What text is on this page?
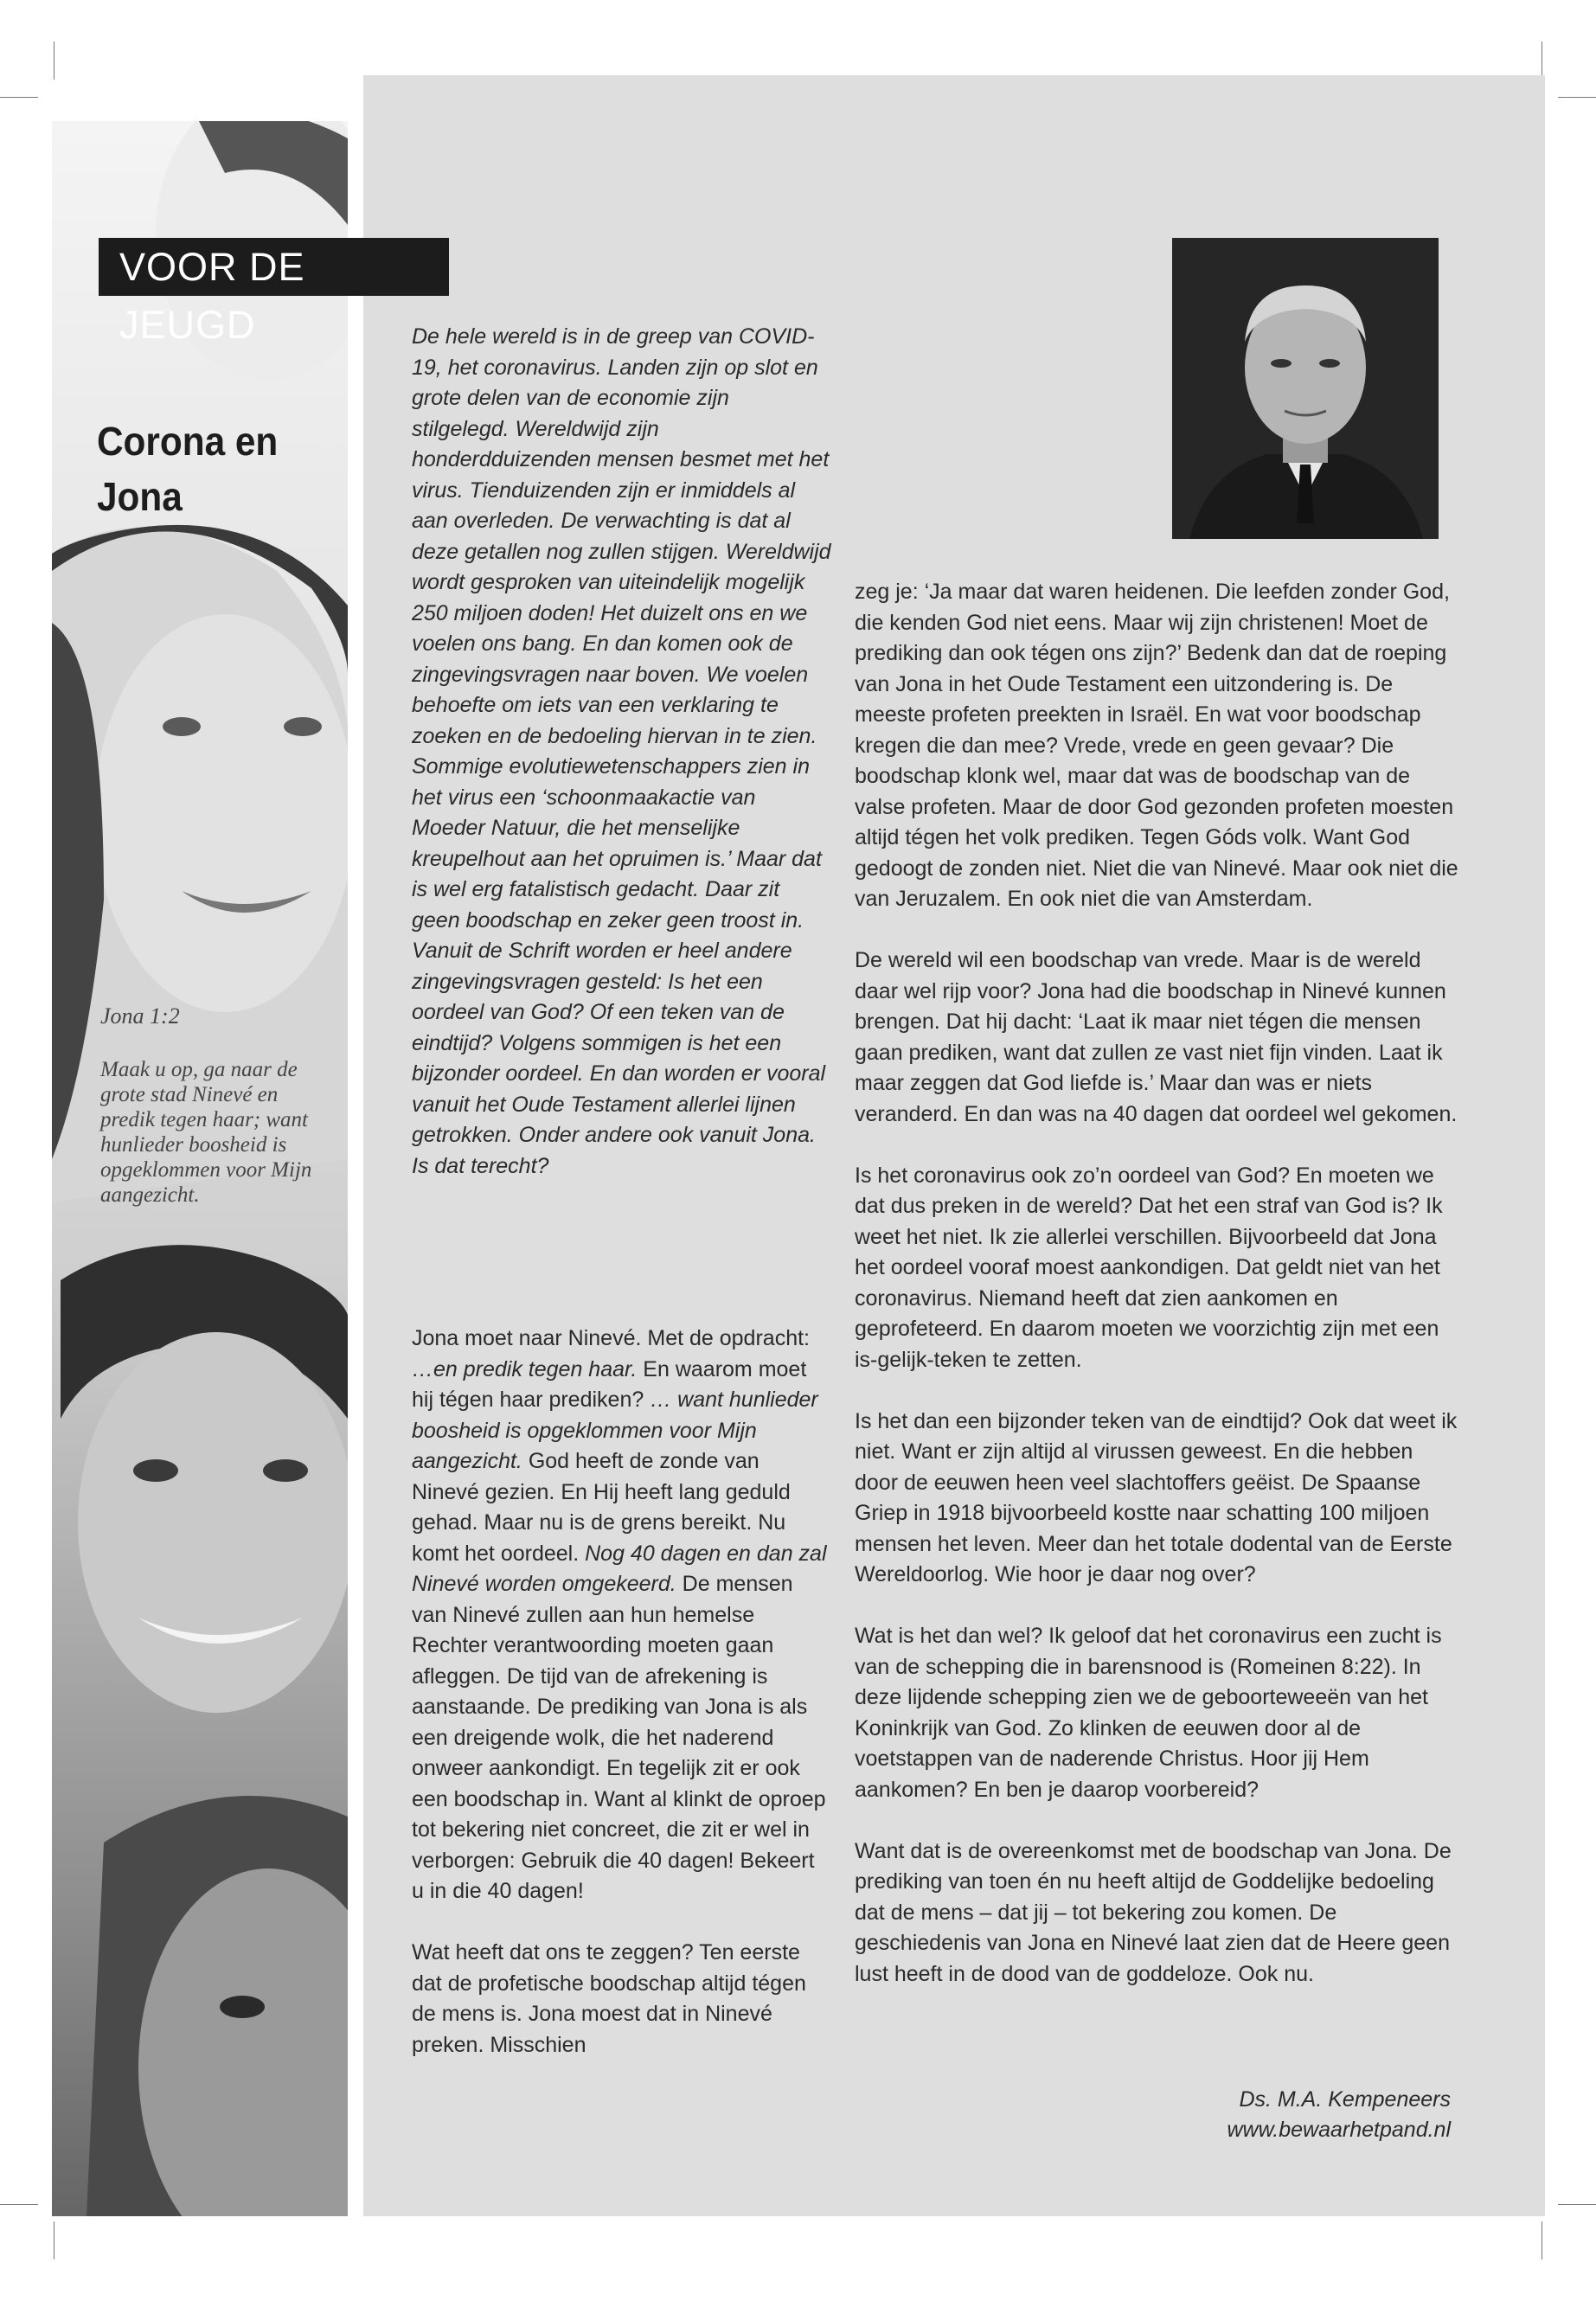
VOOR DE JEUGD
Corona en Jona
Jona 1:2
Maak u op, ga naar de grote stad Ninevé en predik tegen haar; want hunlieder boosheid is opgeklommen voor Mijn aangezicht.

De hele wereld is in de greep van COVID-19, het coronavirus. Landen zijn op slot en grote delen van de economie zijn stilgelegd. Wereldwijd zijn honderdduizenden mensen besmet met het virus. Tienduizenden zijn er inmiddels al aan overleden. De verwachting is dat al deze getallen nog zullen stijgen. Wereldwijd wordt gesproken van uiteindelijk mogelijk 250 miljoen doden! Het duizelt ons en we voelen ons bang. En dan komen ook de zingevingsvragen naar boven. We voelen behoefte om iets van een verklaring te zoeken en de bedoeling hiervan in te zien. Sommige evolutiewetenschappers zien in het virus een ‘schoonmaakactie van Moeder Natuur, die het menselijke kreupelhout aan het opruimen is.’ Maar dat is wel erg fatalistisch gedacht. Daar zit geen boodschap en zeker geen troost in. Vanuit de Schrift worden er heel andere zingevingsvragen gesteld: Is het een oordeel van God? Of een teken van de eindtijd? Volgens sommigen is het een bijzonder oordeel. En dan worden er vooral vanuit het Oude Testament allerlei lijnen getrokken. Onder andere ook vanuit Jona. Is dat terecht?

Jona moet naar Ninevé. Met de opdracht: …en predik tegen haar. En waarom moet hij tégen haar prediken? … want hunlieder boosheid is opgeklommen voor Mijn aangezicht. God heeft de zonde van Ninevé gezien. En Hij heeft lang geduld gehad. Maar nu is de grens bereikt. Nu komt het oordeel. Nog 40 dagen en dan zal Ninevé worden omgekeerd. De mensen van Ninevé zullen aan hun hemelse Rechter verantwoording moeten gaan afleggen. De tijd van de afrekening is aanstaande. De prediking van Jona is als een dreigende wolk, die het naderend onweer aankondigt. En tegelijk zit er ook een boodschap in. Want al klinkt de oproep tot bekering niet concreet, die zit er wel in verborgen: Gebruik die 40 dagen! Bekeert u in die 40 dagen!

Wat heeft dat ons te zeggen? Ten eerste dat de profetische boodschap altijd tégen de mens is. Jona moest dat in Ninevé preken. Misschien

zeg je: ‘Ja maar dat waren heidenen. Die leefden zonder God, die kenden God niet eens. Maar wij zijn christenen! Moet de prediking dan ook tégen ons zijn?’ Bedenk dan dat de roeping van Jona in het Oude Testament een uitzondering is. De meeste profeten preekten in Israël. En wat voor boodschap kregen die dan mee? Vrede, vrede en geen gevaar? Die boodschap klonk wel, maar dat was de boodschap van de valse profeten. Maar de door God gezonden profeten moesten altijd tégen het volk prediken. Tegen Góds volk. Want God gedoogt de zonden niet. Niet die van Ninevé. Maar ook niet die van Jeruzalem. En ook niet die van Amsterdam.

De wereld wil een boodschap van vrede. Maar is de wereld daar wel rijp voor? Jona had die boodschap in Ninevé kunnen brengen. Dat hij dacht: ‘Laat ik maar niet tégen die mensen gaan prediken, want dat zullen ze vast niet fijn vinden. Laat ik maar zeggen dat God liefde is.’ Maar dan was er niets veranderd. En dan was na 40 dagen dat oordeel wel gekomen.

Is het coronavirus ook zo’n oordeel van God? En moeten we dat dus preken in de wereld? Dat het een straf van God is? Ik weet het niet. Ik zie allerlei verschillen. Bijvoorbeeld dat Jona het oordeel vooraf moest aankondigen. Dat geldt niet van het coronavirus. Niemand heeft dat zien aankomen en geprofeteerd. En daarom moeten we voorzichtig zijn met een is-gelijk-teken te zetten.

Is het dan een bijzonder teken van de eindtijd? Ook dat weet ik niet. Want er zijn altijd al virussen geweest. En die hebben door de eeuwen heen veel slachtoffers geëist. De Spaanse Griep in 1918 bijvoorbeeld kostte naar schatting 100 miljoen mensen het leven. Meer dan het totale dodental van de Eerste Wereldoorlog. Wie hoor je daar nog over?

Wat is het dan wel? Ik geloof dat het coronavirus een zucht is van de schepping die in barensnood is (Romeinen 8:22). In deze lijdende schepping zien we de geboorteweeën van het Koninkrijk van God. Zo klinken de eeuwen door al de voetstappen van de naderende Christus. Hoor jij Hem aankomen? En ben je daarop voorbereid?

Want dat is de overeenkomst met de boodschap van Jona. De prediking van toen én nu heeft altijd de Goddelijke bedoeling dat de mens – dat jij – tot bekering zou komen. De geschiedenis van Jona en Ninevé laat zien dat de Heere geen lust heeft in de dood van de goddeloze. Ook nu.

Ds. M.A. Kempeneers
www.bewaarhetpand.nl
